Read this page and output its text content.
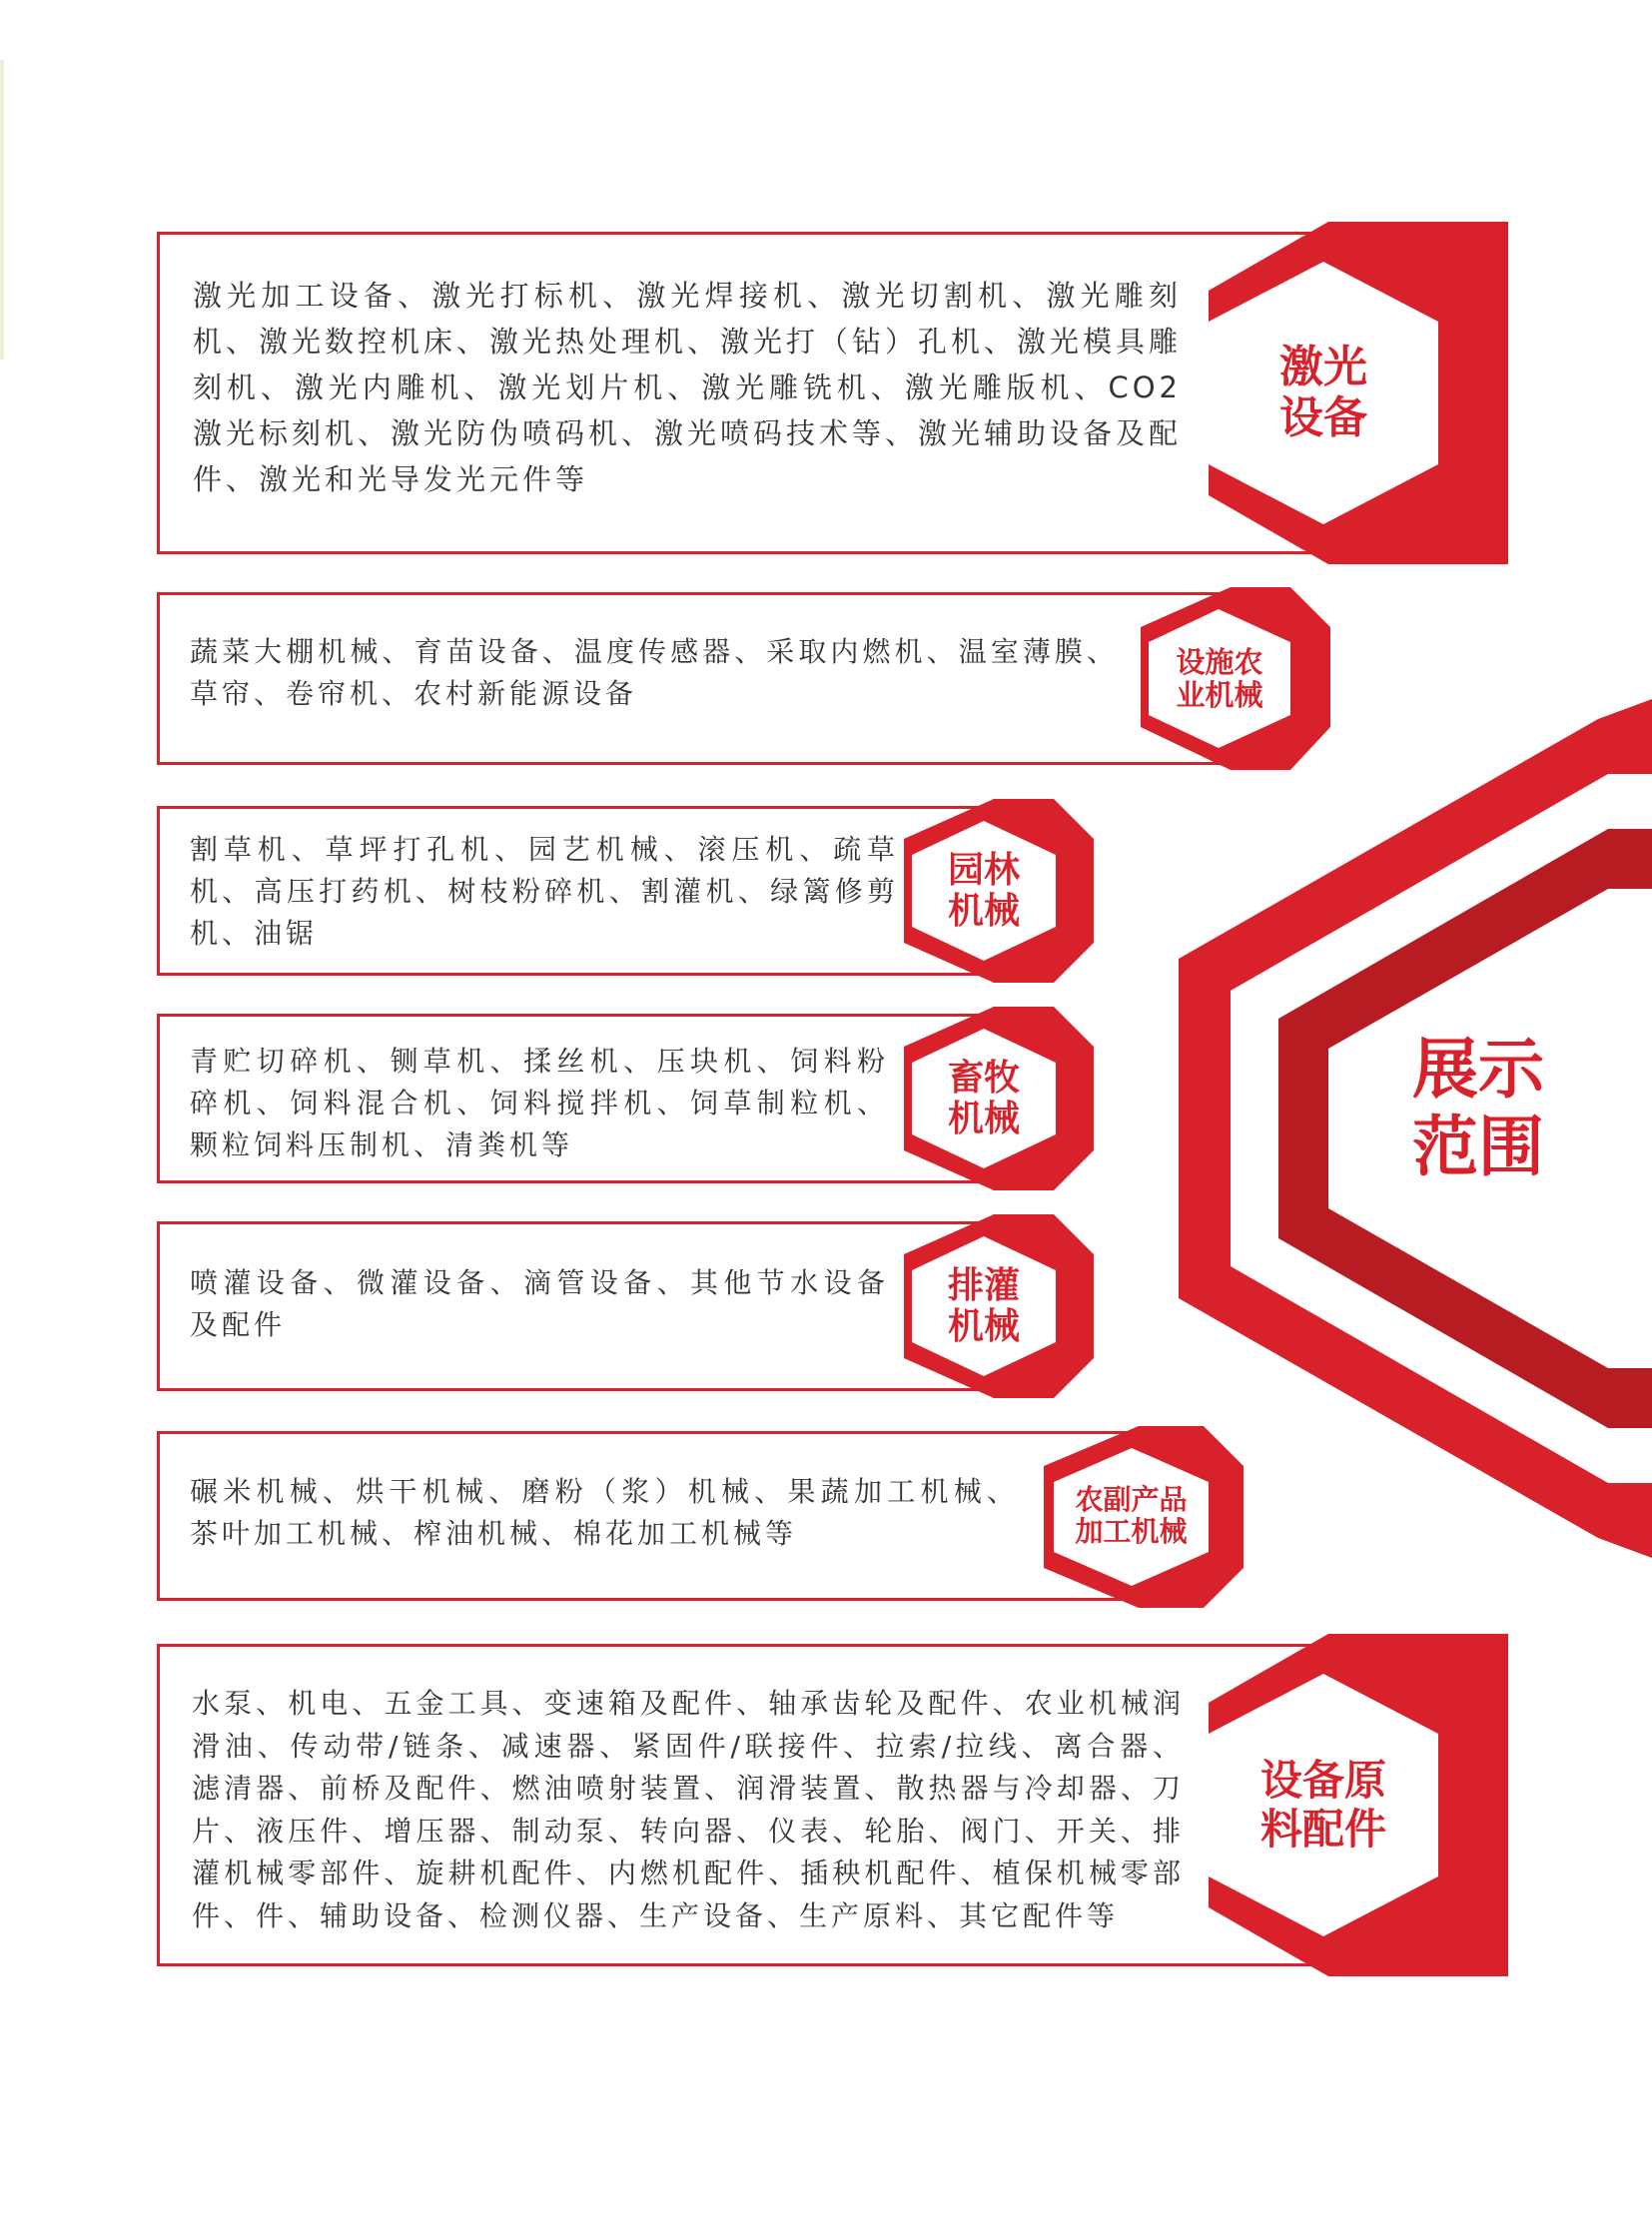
展示
范围

激光加工设备、激光打标机、激光焊接机、激光切割机、激光雕刻机、激光数控机床、激光热处理机、激光打（钻）孔机、激光模具雕刻机、激光内雕机、激光划片机、激光雕铣机、激光雕版机、CO2激光标刻机、激光防伪喷码机、激光喷码技术等、激光辅助设备及配件、激光和光导发光元件等

激光
设备

蔬菜大棚机械、育苗设备、温度传感器、采取内燃机、温室薄膜、草帘、卷帘机、农村新能源设备

设施农
业机械

割草机、草坪打孔机、园艺机械、滚压机、疏草机、高压打药机、树枝粉碎机、割灌机、绿篱修剪机、油锯

园林
机械

青贮切碎机、铡草机、揉丝机、压块机、饲料粉碎机、饲料混合机、饲料搅拌机、饲草制粒机、颗粒饲料压制机、清粪机等

畜牧
机械

喷灌设备、微灌设备、滴管设备、其他节水设备及配件

排灌
机械

碾米机械、烘干机械、磨粉（浆）机械、果蔬加工机械、茶叶加工机械、榨油机械、棉花加工机械等

农副产品
加工机械

水泵、机电、五金工具、变速箱及配件、轴承齿轮及配件、农业机械润滑油、传动带/链条、减速器、紧固件/联接件、拉索/拉线、离合器、滤清器、前桥及配件、燃油喷射装置、润滑装置、散热器与冷却器、刀片、液压件、增压器、制动泵、转向器、仪表、轮胎、阀门、开关、排灌机械零部件、旋耕机配件、内燃机配件、插秧机配件、植保机械零部件、件、辅助设备、检测仪器、生产设备、生产原料、其它配件等

设备原
料配件
